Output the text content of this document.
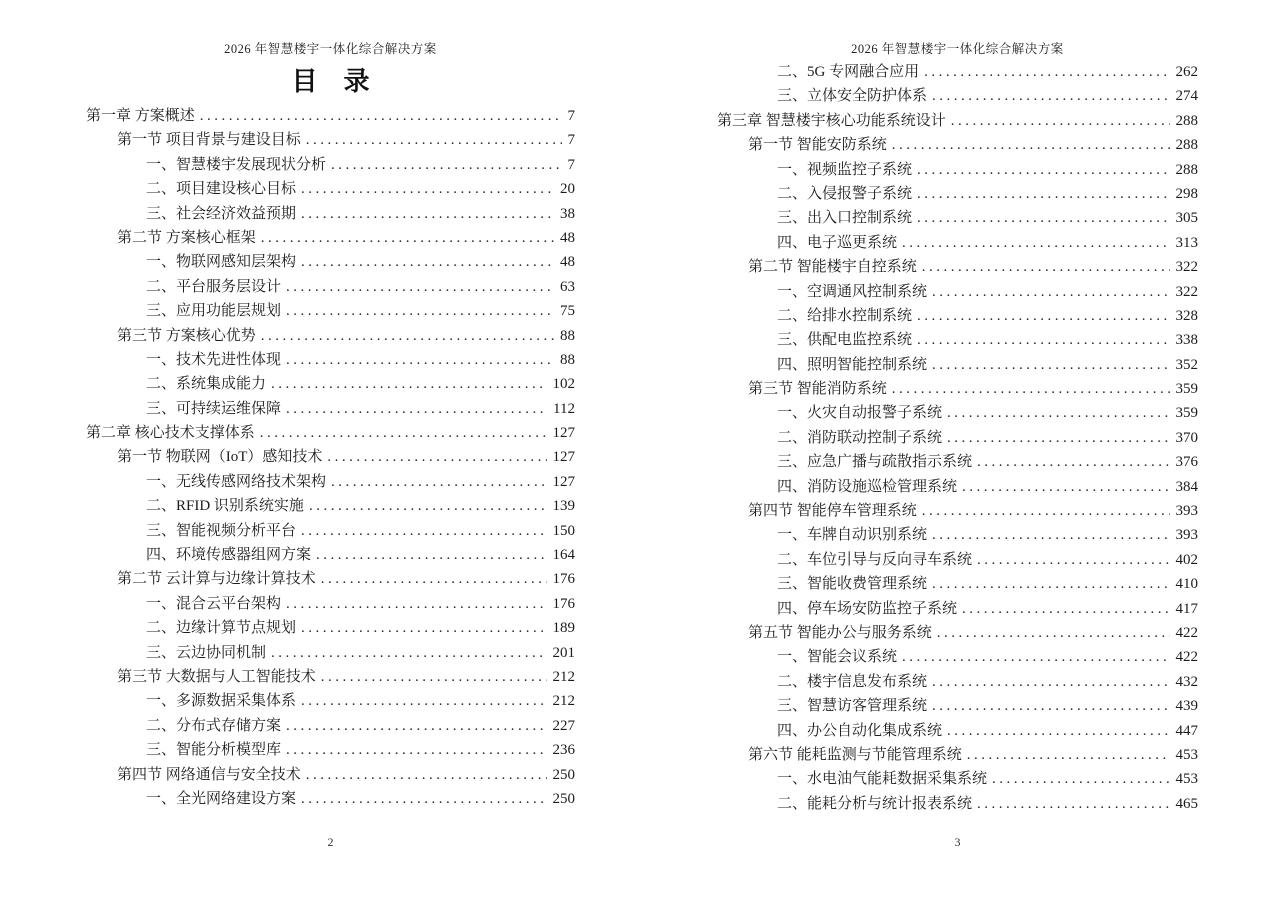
2026 年智慧楼宇一体化综合解决方案
目　录
第一章 方案概述 .....	7
第一节 项目背景与建设目标 .....	7
一、智慧楼宇发展现状分析 .....	7
二、项目建设核心目标 .....	20
三、社会经济效益预期 .....	38
第二节 方案核心框架 .....	48
一、物联网感知层架构 .....	48
二、平台服务层设计 .....	63
三、应用功能层规划 .....	75
第三节 方案核心优势 .....	88
一、技术先进性体现 .....	88
二、系统集成能力 .....	102
三、可持续运维保障 .....	112
第二章 核心技术支撑体系 .....	127
第一节 物联网（IoT）感知技术 .....	127
一、无线传感网络技术架构 .....	127
二、RFID 识别系统实施 .....	139
三、智能视频分析平台 .....	150
四、环境传感器组网方案 .....	164
第二节 云计算与边缘计算技术 .....	176
一、混合云平台架构 .....	176
二、边缘计算节点规划 .....	189
三、云边协同机制 .....	201
第三节 大数据与人工智能技术 .....	212
一、多源数据采集体系 .....	212
二、分布式存储方案 .....	227
三、智能分析模型库 .....	236
第四节 网络通信与安全技术 .....	250
一、全光网络建设方案 .....	250
2
2026 年智慧楼宇一体化综合解决方案
二、5G 专网融合应用 .....	262
三、立体安全防护体系 .....	274
第三章 智慧楼宇核心功能系统设计 .....	288
第一节 智能安防系统 .....	288
一、视频监控子系统 .....	288
二、入侵报警子系统 .....	298
三、出入口控制系统 .....	305
四、电子巡更系统 .....	313
第二节 智能楼宇自控系统 .....	322
一、空调通风控制系统 .....	322
二、给排水控制系统 .....	328
三、供配电监控系统 .....	338
四、照明智能控制系统 .....	352
第三节 智能消防系统 .....	359
一、火灾自动报警子系统 .....	359
二、消防联动控制子系统 .....	370
三、应急广播与疏散指示系统 .....	376
四、消防设施巡检管理系统 .....	384
第四节 智能停车管理系统 .....	393
一、车牌自动识别系统 .....	393
二、车位引导与反向寻车系统 .....	402
三、智能收费管理系统 .....	410
四、停车场安防监控子系统 .....	417
第五节 智能办公与服务系统 .....	422
一、智能会议系统 .....	422
二、楼宇信息发布系统 .....	432
三、智慧访客管理系统 .....	439
四、办公自动化集成系统 .....	447
第六节 能耗监测与节能管理系统 .....	453
一、水电油气能耗数据采集系统 .....	453
二、能耗分析与统计报表系统 .....	465
3
